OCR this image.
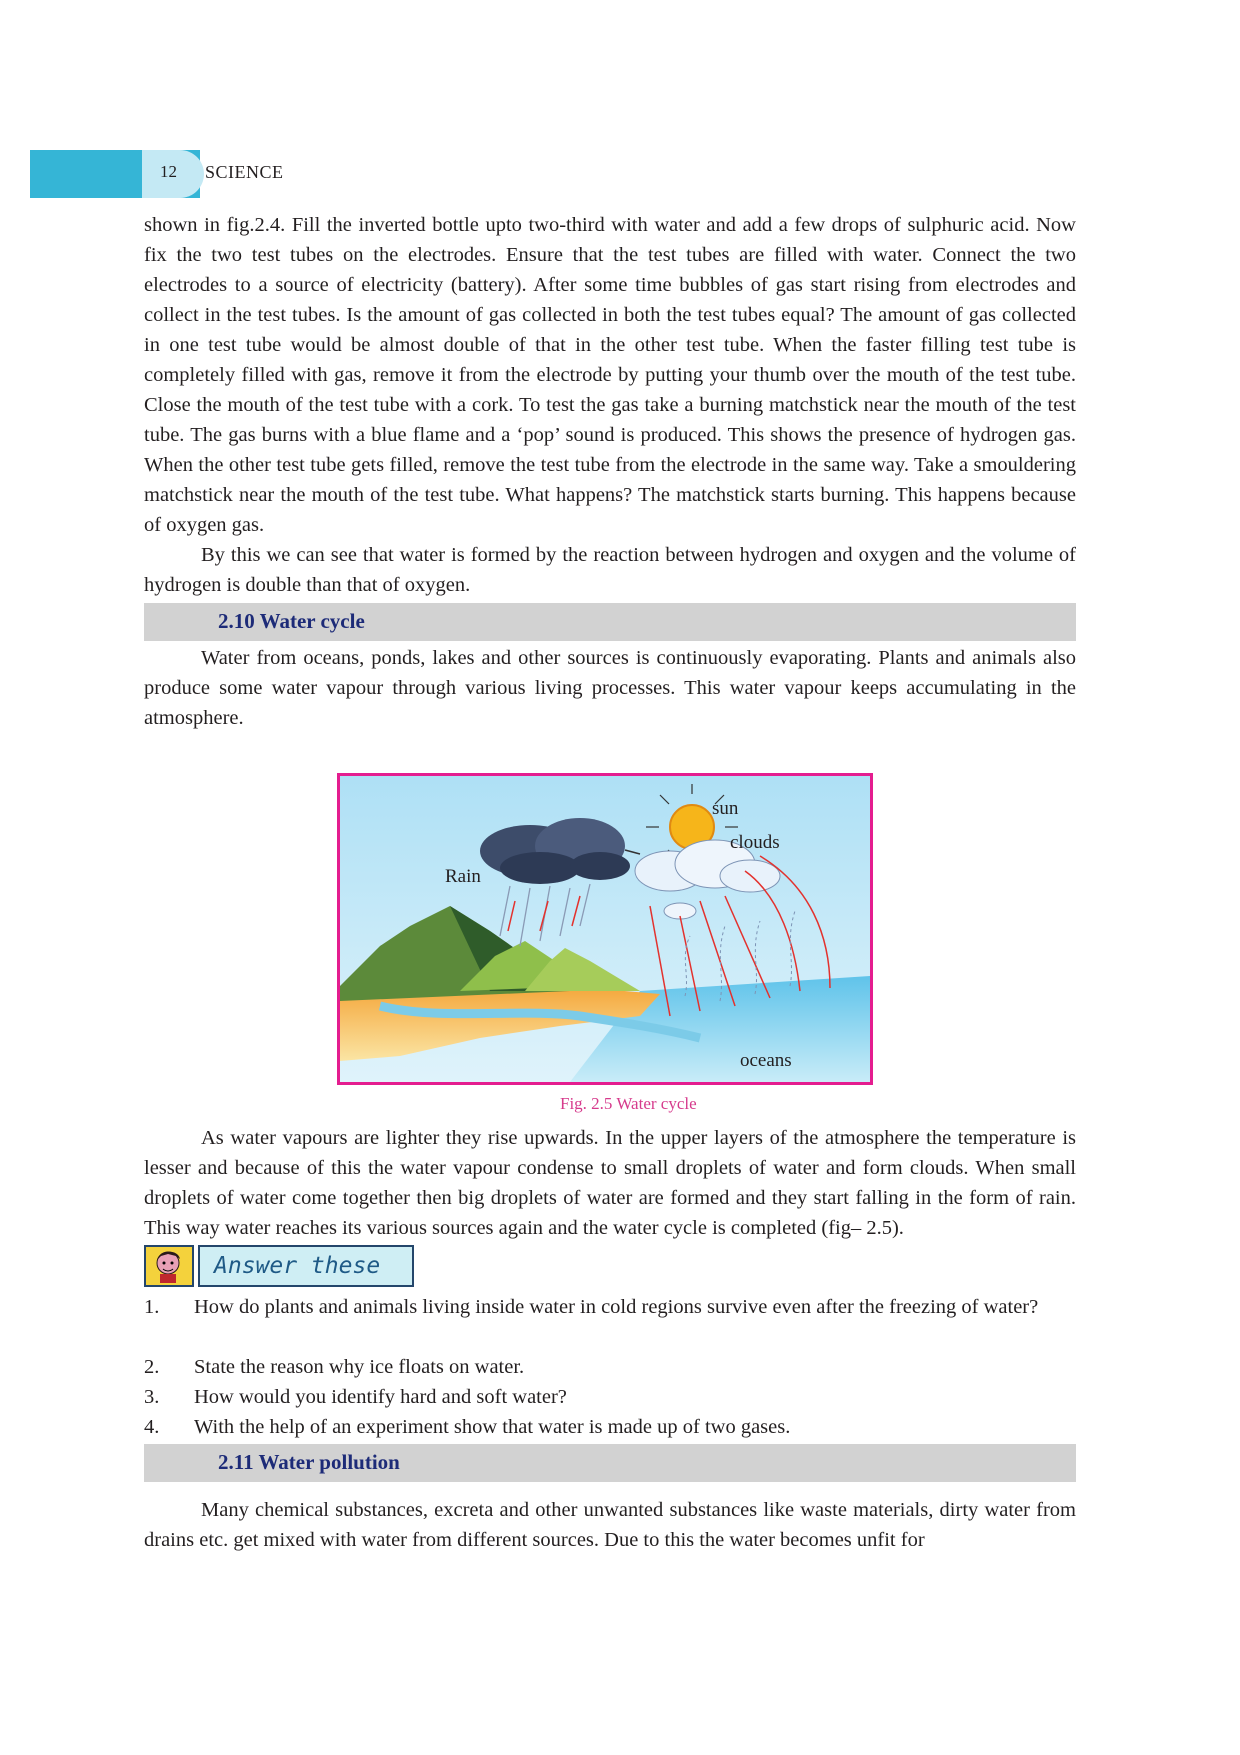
12 SCIENCE

shown in fig.2.4. Fill the inverted bottle upto two-third with water and add a few drops of sulphuric acid. Now fix the two test tubes on the electrodes. Ensure that the test tubes are filled with water. Connect the two electrodes to a source of electricity (battery). After some time bubbles of gas start rising from electrodes and collect in the test tubes. Is the amount of gas collected in both the test tubes equal? The amount of gas collected in one test tube would be almost double of that in the other test tube. When the faster filling test tube is completely filled with gas, remove it from the electrode by putting your thumb over the mouth of the test tube. Close the mouth of the test tube with a cork. To test the gas take a burning matchstick near the mouth of the test tube. The gas burns with a blue flame and a ‘pop’ sound is produced. This shows the presence of hydrogen gas. When the other test tube gets filled, remove the test tube from the electrode in the same way. Take a smouldering matchstick near the mouth of the test tube. What happens? The matchstick starts burning. This happens because of oxygen gas.

By this we can see that water is formed by the reaction between hydrogen and oxygen and the volume of hydrogen is double than that of oxygen.

2.10 Water cycle

Water from oceans, ponds, lakes and other sources is continuously evaporating. Plants and animals also produce some water vapour through various living processes. This water vapour keeps accumulating in the atmosphere.

sun
clouds
Rain
oceans
Fig. 2.5 Water cycle

As water vapours are lighter they rise upwards. In the upper layers of the atmosphere the temperature is lesser and because of this the water vapour condense to small droplets of water and form clouds. When small droplets of water come together then big droplets of water are formed and they start falling in the form of rain. This way water reaches its various sources again and the water cycle is completed (fig– 2.5).

Answer these
1.	How do plants and animals living inside water in cold regions survive even after the freezing of water?
2.	State the reason why ice floats on water.
3.	How would you identify hard and soft water?
4.	With the help of an experiment show that water is made up of two gases.
2.11 Water pollution

Many chemical substances, excreta and other unwanted substances like waste materials, dirty water from drains etc. get mixed with water from different sources. Due to this the water becomes unfit for
